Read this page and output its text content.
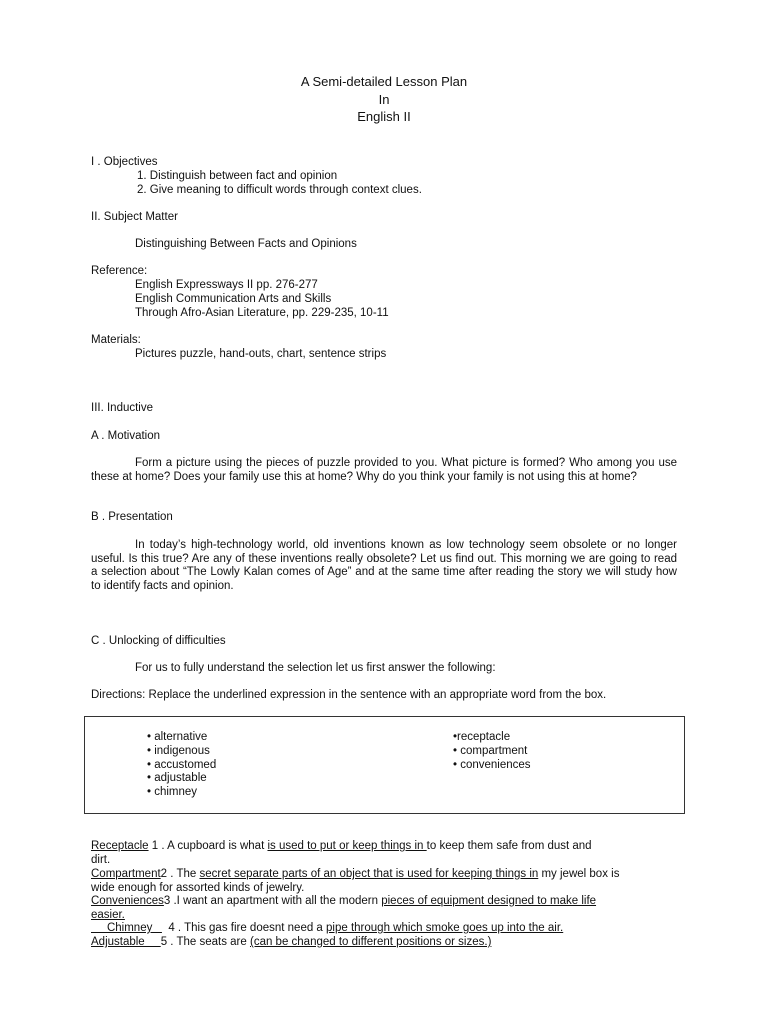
A Semi-detailed Lesson Plan
In
English II
I . Objectives
1. Distinguish between fact and opinion
2. Give meaning to difficult words through context clues.
II. Subject Matter
Distinguishing Between Facts and Opinions
Reference:
English Expressways II pp. 276-277
English Communication Arts and Skills
Through Afro-Asian Literature, pp. 229-235, 10-11
Materials:
Pictures puzzle, hand-outs, chart, sentence strips
III. Inductive
A . Motivation
Form a picture using the pieces of puzzle provided to you. What picture is formed? Who among you use these at home? Does your family use this at home? Why do you think your family is not using this at home?
B . Presentation
In today’s high-technology world, old inventions known as low technology seem obsolete or no longer useful. Is this true? Are any of these inventions really obsolete? Let us find out. This morning we are going to read a selection about “The Lowly Kalan comes of Age” and at the same time after reading the story we will study how to identify facts and opinion.
C . Unlocking of difficulties
For us to fully understand the selection let us first answer the following:
Directions: Replace the underlined expression in the sentence with an appropriate word from the box.
• alternative
• indigenous
• accustomed
• adjustable
• chimney
•receptacle
• compartment
• conveniences
Receptacle 1 . A cupboard is what is used to put or keep things in to keep them safe from dust and
dirt.
Compartment2 . The secret separate parts of an object that is used for keeping things in my jewel box is
wide enough for assorted kinds of jewelry.
Conveniences3 .I want an apartment with all the modern pieces of equipment designed to make life
easier.
Chimney     4 . This gas fire doesnt need a pipe through which smoke goes up into the air.
Adjustable     5 . The seats are (can be changed to different positions or sizes.)
